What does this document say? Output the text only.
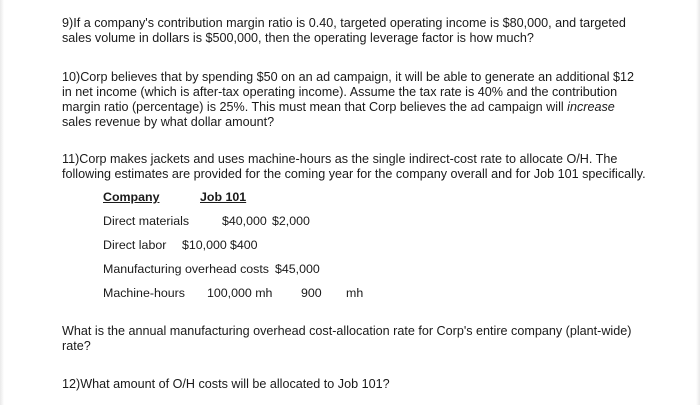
9)If a company's contribution margin ratio is 0.40, targeted operating income is $80,000, and targeted
sales volume in dollars is $500,000, then the operating leverage factor is how much?
10)Corp believes that by spending $50 on an ad campaign, it will be able to generate an additional $12
in net income (which is after-tax operating income). Assume the tax rate is 40% and the contribution
margin ratio (percentage) is 25%. This must mean that Corp believes the ad campaign will increase
sales revenue by what dollar amount?
11)Corp makes jackets and uses machine-hours as the single indirect-cost rate to allocate O/H. The
following estimates are provided for the coming year for the company overall and for Job 101 specifically.
Company	Job 101
Direct materials	$40,000 $2,000
Direct labor $10,000 $400
Manufacturing overhead costs $45,000
Machine-hours 100,000 mh 900 mh
What is the annual manufacturing overhead cost-allocation rate for Corp's entire company (plant-wide)
rate?
12)What amount of O/H costs will be allocated to Job 101?
